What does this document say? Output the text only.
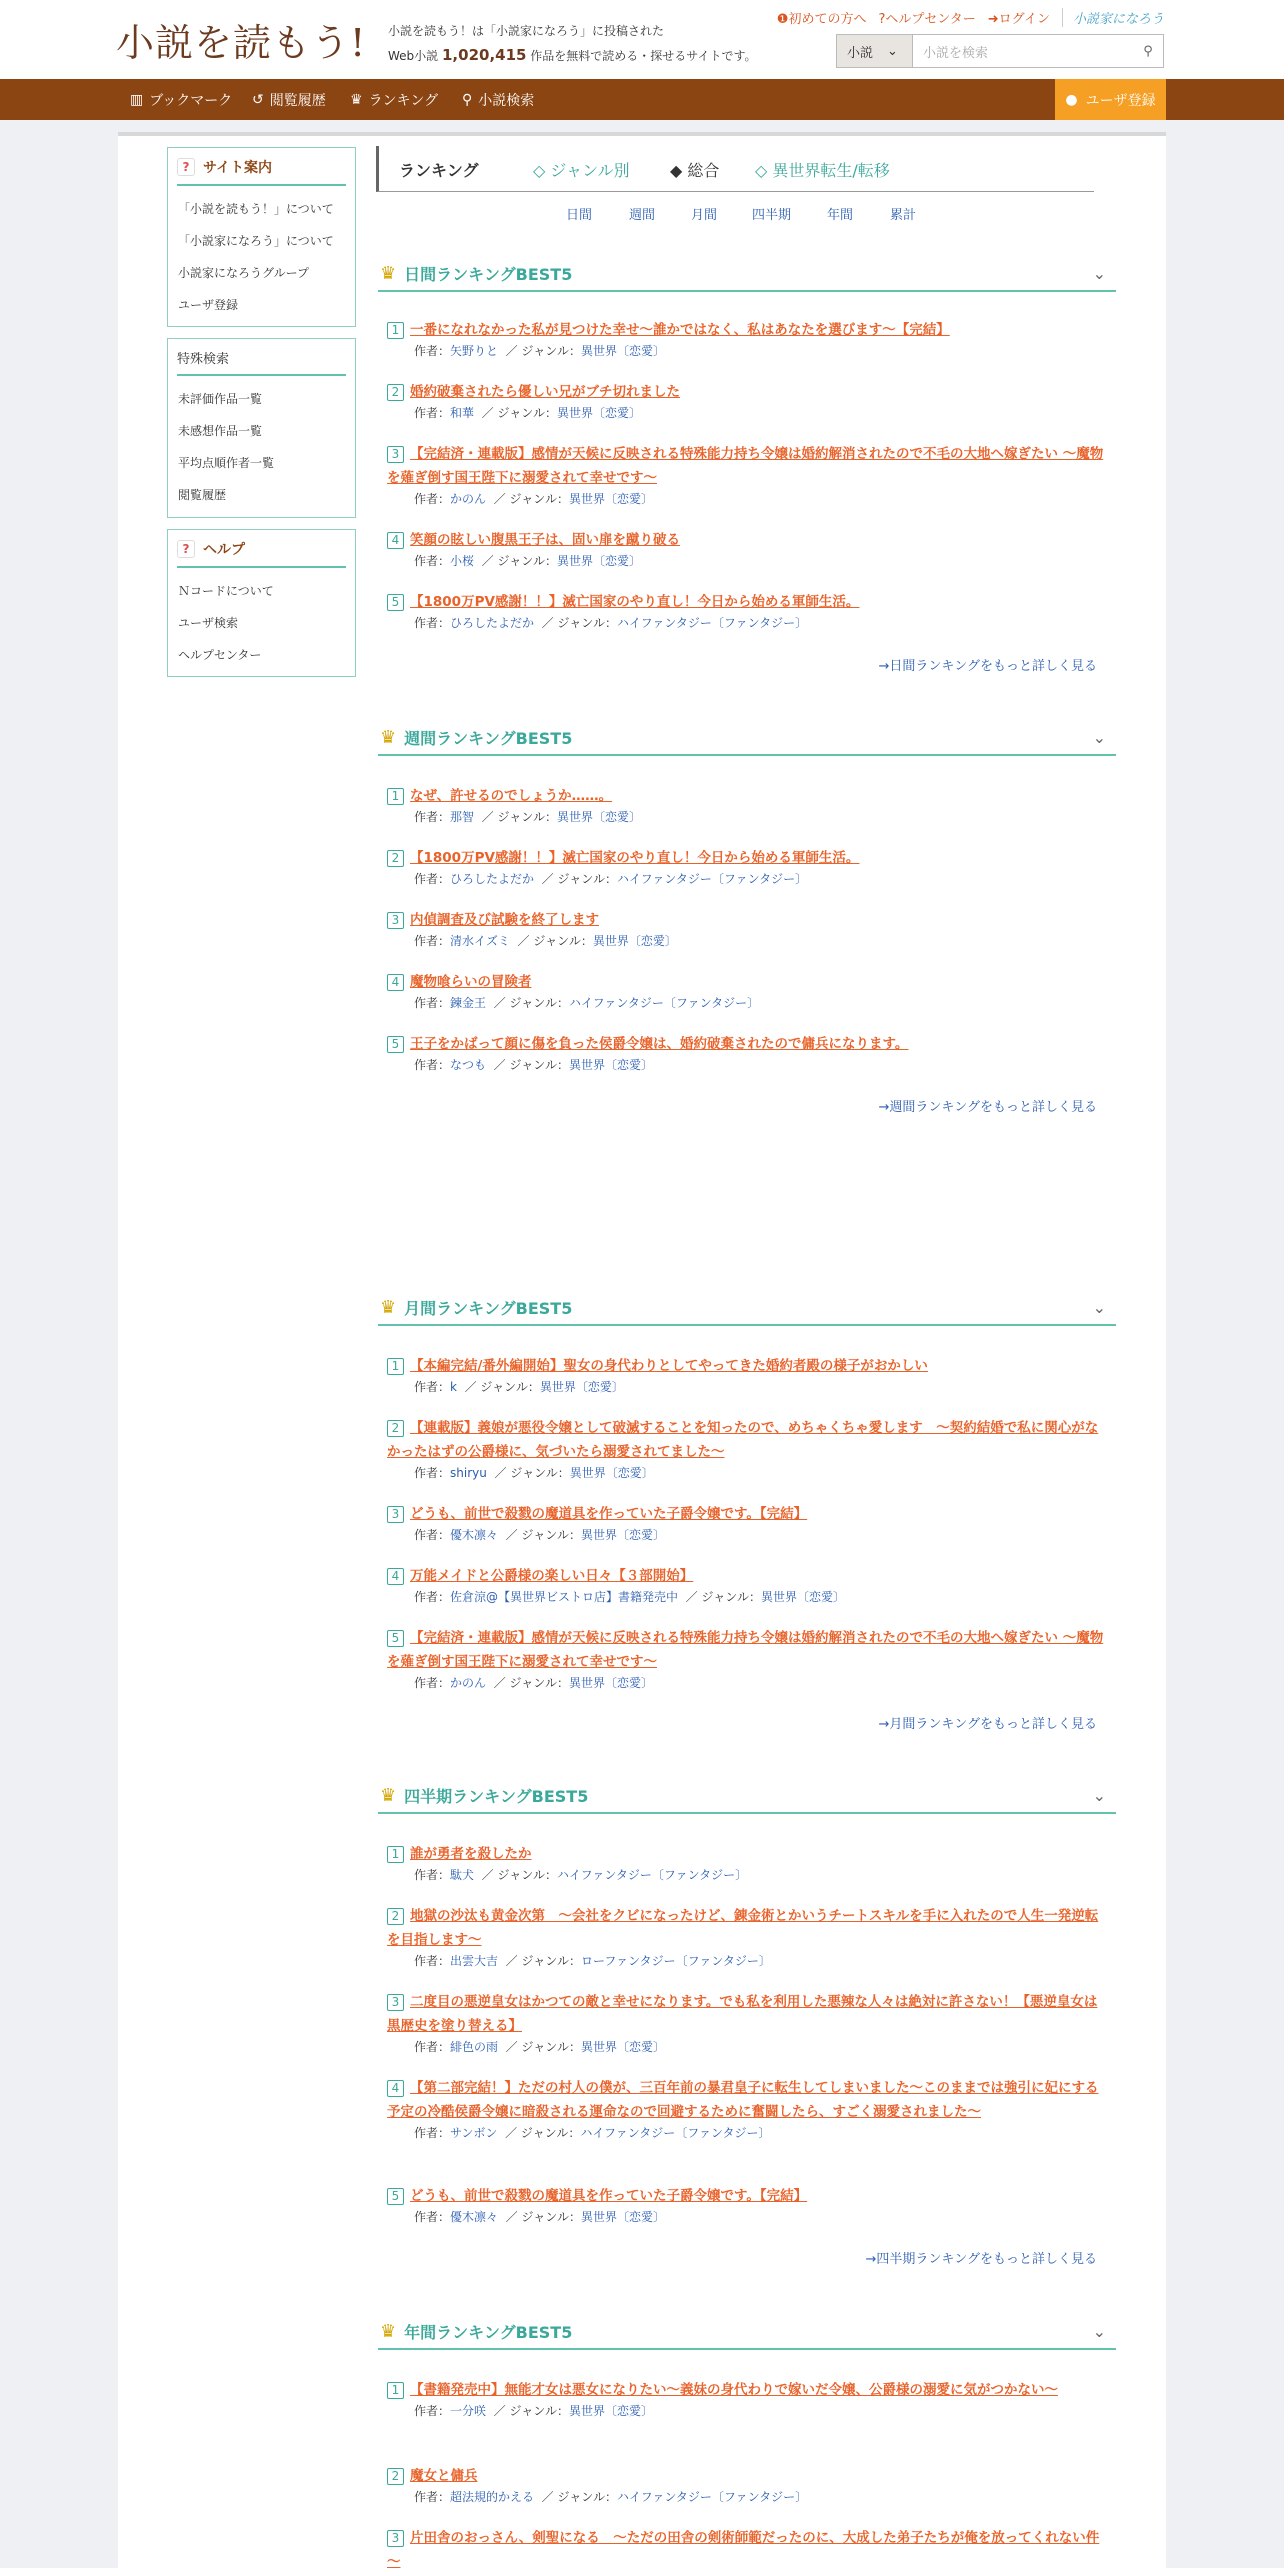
小説を読もう! 小説を読もう！は「小説家になろう」に投稿された
Web小説 1,020,415 作品を無料で読める・探せるサイトです。
❶初めての方へ ?ヘルプセンター ➜ログイン	小説家になろう
小説 ⌄	小説を検索	⚲
▥ ブックマーク ↺ 閲覧履歴 ♛ ランキング ⚲ 小説検索	● ユーザ登録
? サイト案内
「小説を読もう！」について
「小説家になろう」について
小説家になろうグループ
ユーザ登録
特殊検索
未評価作品一覧
未感想作品一覧
平均点順作者一覧
閲覧履歴
? ヘルプ
Ｎコードについて
ユーザ検索
ヘルプセンター
ランキング	◇ ジャンル別	◆ 総合 ◇ 異世界転生/転移
日間	週間	月間	四半期	年間	累計
♛ 日間ランキングBEST5	⌄
1 一番になれなかった私が見つけた幸せ〜誰かではなく、私はあなたを選びます〜【完結】
作者：矢野りと ／ ジャンル：異世界〔恋愛〕
2 婚約破棄されたら優しい兄がブチ切れました
作者：和華 ／ ジャンル：異世界〔恋愛〕
3 【完結済・連載版】感情が天候に反映される特殊能力持ち令嬢は婚約解消されたので不毛の大地へ嫁ぎたい ～魔物を薙ぎ倒す国王陛下に溺愛されて幸せです～
作者：かのん ／ ジャンル：異世界〔恋愛〕
4 笑顔の眩しい腹黒王子は、固い扉を蹴り破る
作者：小桜 ／ ジャンル：異世界〔恋愛〕
5 【1800万PV感謝！！】滅亡国家のやり直し！今日から始める軍師生活。
作者：ひろしたよだか ／ ジャンル：ハイファンタジー〔ファンタジー〕
→日間ランキングをもっと詳しく見る
♛ 週間ランキングBEST5	⌄
1 なぜ、許せるのでしょうか……。
作者：那智 ／ ジャンル：異世界〔恋愛〕
2 【1800万PV感謝！！】滅亡国家のやり直し！今日から始める軍師生活。
作者：ひろしたよだか ／ ジャンル：ハイファンタジー〔ファンタジー〕
3 内偵調査及び試験を終了します
作者：清水イズミ ／ ジャンル：異世界〔恋愛〕
4 魔物喰らいの冒険者
作者：鍊金王 ／ ジャンル：ハイファンタジー〔ファンタジー〕
5 王子をかばって顔に傷を負った侯爵令嬢は、婚約破棄されたので傭兵になります。
作者：なつも ／ ジャンル：異世界〔恋愛〕
→週間ランキングをもっと詳しく見る
♛ 月間ランキングBEST5	⌄
1 【本編完結/番外編開始】聖女の身代わりとしてやってきた婚約者殿の様子がおかしい
作者：k ／ ジャンル：異世界〔恋愛〕
2 【連載版】義娘が悪役令嬢として破滅することを知ったので、めちゃくちゃ愛します　～契約結婚で私に関心がなかったはずの公爵様に、気づいたら溺愛されてました～
作者：shiryu ／ ジャンル：異世界〔恋愛〕
3 どうも、前世で殺戮の魔道具を作っていた子爵令嬢です。【完結】
作者：優木凛々 ／ ジャンル：異世界〔恋愛〕
4 万能メイドと公爵様の楽しい日々【３部開始】
作者：佐倉涼@【異世界ビストロ店】書籍発売中 ／ ジャンル：異世界〔恋愛〕
5 【完結済・連載版】感情が天候に反映される特殊能力持ち令嬢は婚約解消されたので不毛の大地へ嫁ぎたい ～魔物を薙ぎ倒す国王陛下に溺愛されて幸せです～
作者：かのん ／ ジャンル：異世界〔恋愛〕
→月間ランキングをもっと詳しく見る
♛ 四半期ランキングBEST5	⌄
1 誰が勇者を殺したか
作者：駄犬 ／ ジャンル：ハイファンタジー〔ファンタジー〕
2 地獄の沙汰も黄金次第　～会社をクビになったけど、錬金術とかいうチートスキルを手に入れたので人生一発逆転を目指します～
作者：出雲大吉 ／ ジャンル：ローファンタジー〔ファンタジー〕
3 二度目の悪逆皇女はかつての敵と幸せになります。でも私を利用した悪辣な人々は絶対に許さない！【悪逆皇女は黒歴史を塗り替える】
作者：緋色の雨 ／ ジャンル：異世界〔恋愛〕
4 【第二部完結！】ただの村人の僕が、三百年前の暴君皇子に転生してしまいました～このままでは強引に妃にする予定の冷酷侯爵令嬢に暗殺される運命なので回避するために奮闘したら、すごく溺愛されました～
作者：サンボン ／ ジャンル：ハイファンタジー〔ファンタジー〕
5 どうも、前世で殺戮の魔道具を作っていた子爵令嬢です。【完結】
作者：優木凛々 ／ ジャンル：異世界〔恋愛〕
→四半期ランキングをもっと詳しく見る
♛ 年間ランキングBEST5	⌄
1 【書籍発売中】無能才女は悪女になりたい～義妹の身代わりで嫁いだ令嬢、公爵様の溺愛に気がつかない～
作者：一分咲 ／ ジャンル：異世界〔恋愛〕
2 魔女と傭兵
作者：超法規的かえる ／ ジャンル：ハイファンタジー〔ファンタジー〕
3 片田舎のおっさん、剣聖になる　～ただの田舎の剣術師範だったのに、大成した弟子たちが俺を放ってくれない件～
